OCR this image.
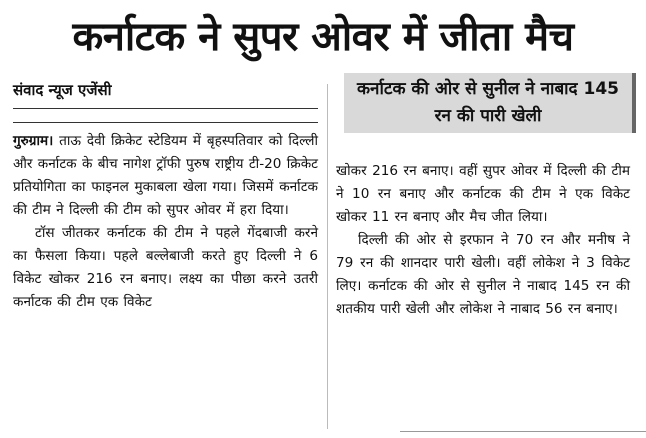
कर्नाटक ने सुपर ओवर में जीता मैच
संवाद न्यूज एजेंसी	कर्नाटक की ओर से सुनील ने नाबाद 145 रन की पारी खेली

गुरुग्राम। ताऊ देवी क्रिकेट स्टेडियम में बृहस्पतिवार को दिल्ली और कर्नाटक के बीच नागेश ट्रॉफी पुरुष राष्ट्रीय टी-20 क्रिकेट प्रतियोगिता का फाइनल मुकाबला खेला गया। जिसमें कर्नाटक की टीम ने दिल्ली की टीम को सुपर ओवर में हरा दिया।

टॉस जीतकर कर्नाटक की टीम ने पहले गेंदबाजी करने का फैसला किया। पहले बल्लेबाजी करते हुए दिल्ली ने 6 विकेट खोकर 216 रन बनाए। लक्ष्य का पीछा करने उतरी कर्नाटक की टीम एक विकेट

खोकर 216 रन बनाए। वहीं सुपर ओवर में दिल्ली की टीम ने 10 रन बनाए और कर्नाटक की टीम ने एक विकेट खोकर 11 रन बनाए और मैच जीत लिया।

दिल्ली की ओर से इरफान ने 70 रन और मनीष ने 79 रन की शानदार पारी खेली। वहीं लोकेश ने 3 विकेट लिए। कर्नाटक की ओर से सुनील ने नाबाद 145 रन की शतकीय पारी खेली और लोकेश ने नाबाद 56 रन बनाए।
